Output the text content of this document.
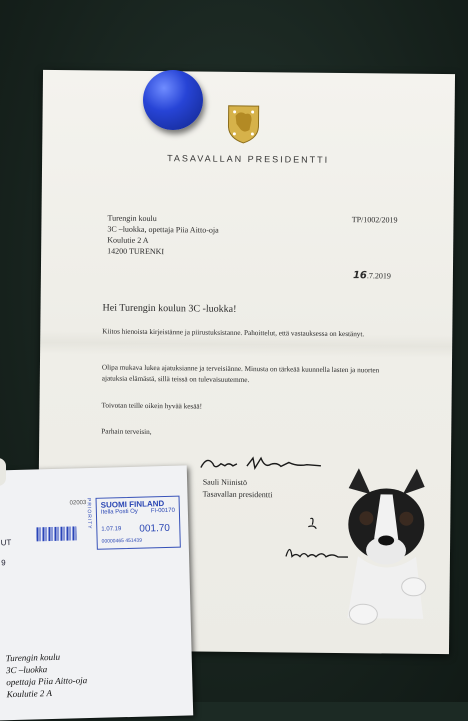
TASAVALLAN PRESIDENTTI
Turengin koulu
3C –luokka, opettaja Piia Aitto-oja
Koulutie 2 A
14200 TURENKI
TP/1002/2019
16.7.2019
Hei Turengin koulun 3C -luokka!
Kiitos hienoista kirjeistänne ja piirustuksistanne. Pahoittelut, että vastauksessa on kestänyt.
Olipa mukava lukea ajatuksianne ja terveisiänne. Minusta on tärkeää kuunnella lasten ja nuorten ajatuksia elämästä, sillä teissä on tulevaisuutemme.
Toivotan teille oikein hyvää kesää!
Parhain terveisin,
Sauli Niinistö
Tasavallan presidentti
02003 PRIORITY SUOMI FINLAND
Itella Posti Oy FI-00170
1.07.19 001.70
00000465 451439
UT
9
Turengin koulu
3C –luokka
opettaja Piia Aitto-oja
Koulutie 2 A
